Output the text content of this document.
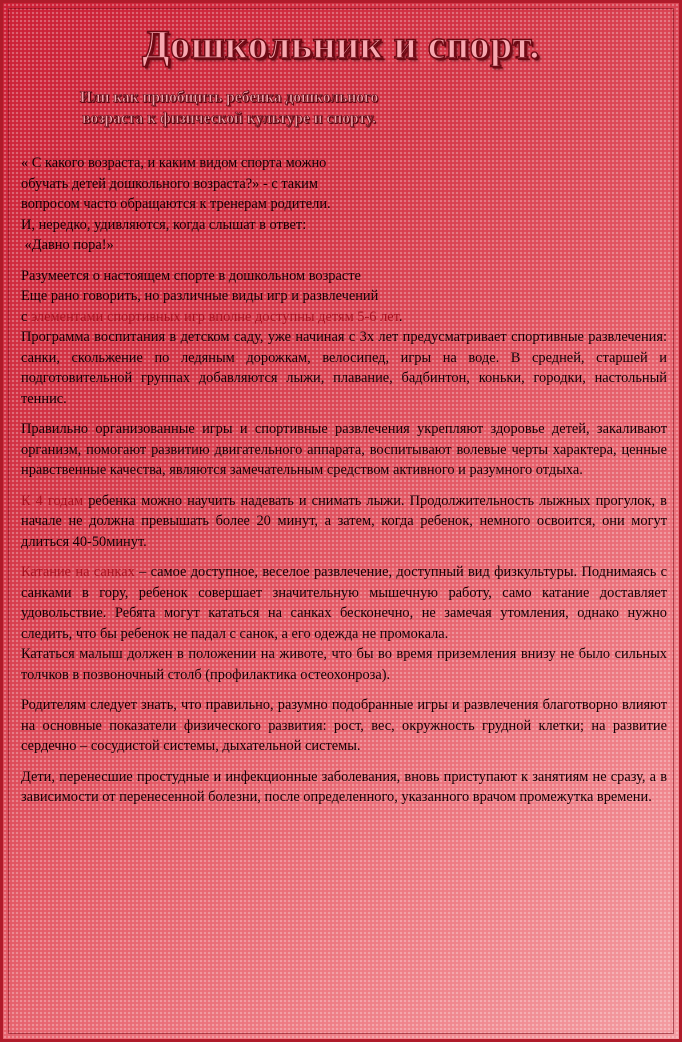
Дошкольник и спорт.
Или как приобщить ребенка дошкольного
возраста к физической культуре и спорту.

« С какого возраста, и каким видом спорта можно
обучать детей дошкольного возраста?» - с таким
вопросом часто обращаются к тренерам родители.
И, нередко, удивляются, когда слышат в ответ:
«Давно пора!»

Разумеется о настоящем спорте в дошкольном возрасте
Еще рано говорить, но различные виды игр и развлечений
с элементами спортивных игр вполне доступны детям 5-6 лет.
Программа воспитания в детском саду, уже начиная с 3х лет предусматривает спортивные развлечения: санки, скольжение по ледяным дорожкам, велосипед, игры на воде. В средней, старшей и подготовительной группах добавляются лыжи, плавание, бадбинтон, коньки, городки, настольный теннис.

Правильно организованные игры и спортивные развлечения укрепляют здоровье детей, закаливают организм, помогают развитию двигательного аппарата, воспитывают волевые черты характера, ценные нравственные качества, являются замечательным средством активного и разумного отдыха.

К 4 годам ребенка можно научить надевать и снимать лыжи. Продолжительность лыжных прогулок, в начале не должна превышать более 20 минут, а затем, когда ребенок, немного освоится, они могут длиться 40-50минут.

Катание на санках – самое доступное, веселое развлечение, доступный вид физкультуры. Поднимаясь с санками в гору, ребенок совершает значительную мышечную работу, само катание доставляет удовольствие. Ребята могут кататься на санках бесконечно, не замечая утомления, однако нужно следить, что бы ребенок не падал с санок, а его одежда не промокала.
Кататься малыш должен в положении на животе, что бы во время приземления внизу не было сильных толчков в позвоночный столб (профилактика остеохонроза).

Родителям следует знать, что правильно, разумно подобранные игры и развлечения благотворно влияют на основные показатели физического развития: рост, вес, окружность грудной клетки; на развитие сердечно – сосудистой системы, дыхательной системы.

Дети, перенесшие простудные и инфекционные заболевания, вновь приступают к занятиям не сразу, а в зависимости от перенесенной болезни, после определенного, указанного врачом промежутка времени.
